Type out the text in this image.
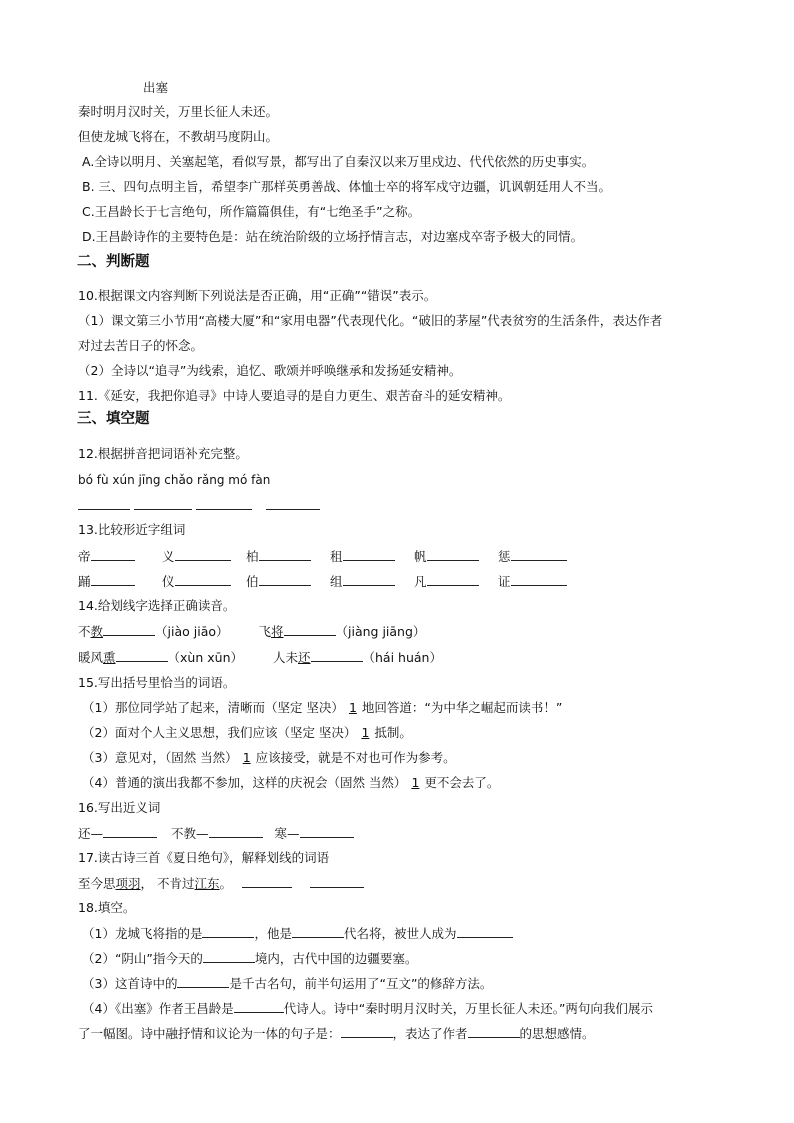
出塞
秦时明月汉时关，万里长征人未还。
但使龙城飞将在，不教胡马度阴山。
A.全诗以明月、关塞起笔，看似写景，都写出了自秦汉以来万里戍边、代代依然的历史事实。
B. 三、四句点明主旨，希望李广那样英勇善战、体恤士卒的将军戍守边疆，讥讽朝廷用人不当。
C.王昌龄长于七言绝句，所作篇篇俱佳，有“七绝圣手”之称。
D.王昌龄诗作的主要特色是：站在统治阶级的立场抒情言志，对边塞戍卒寄予极大的同情。
二、判断题
10.根据课文内容判断下列说法是否正确，用“正确”“错误”表示。
（1）课文第三小节用“高楼大厦”和“家用电器”代表现代化。“破旧的茅屋”代表贫穷的生活条件，表达作者
对过去苦日子的怀念。
（2）全诗以“追寻”为线索，追忆、歌颂并呼唤继承和发扬延安精神。
11.《延安，我把你追寻》中诗人要追寻的是自力更生、艰苦奋斗的延安精神。
三、填空题
12.根据拼音把词语补充完整。
bó fù xún jīng chǎo rǎng mó fàn

13.比较形近字组词
帝	义	柏	租	帆	惩
踊	仪	伯	组	凡	证
14.给划线字选择正确读音。
不教	（jiào jiāo） 飞将	（jiàng jiāng）
暖风熏	（xùn xūn） 人未还	（hái huán）
15.写出括号里恰当的词语。
（1）那位同学站了起来，清晰而（坚定 坚决） 1 地回答道：“为中华之崛起而读书！”
（2）面对个人主义思想，我们应该（坚定 坚决） 1 抵制。
（3）意见对，（固然 当然） 1 应该接受，就是不对也可作为参考。
（4）普通的演出我都不参加，这样的庆祝会（固然 当然） 1 更不会去了。
16.写出近义词
还—	不教—	寒—
17.读古诗三首《夏日绝句》，解释划线的词语
至今思项羽， 不肯过江东。
18.填空。
（1）龙城飞将指的是	，他是	代名将，被世人成为
（2）“阴山”指今天的	境内，古代中国的边疆要塞。
（3）这首诗中的	是千古名句，前半句运用了“互文”的修辞方法。
（4）《出塞》作者王昌龄是	代诗人。诗中“秦时明月汉时关，万里长征人未还。”两句向我们展示
了一幅图。诗中融抒情和议论为一体的句子是：	，表达了作者	的思想感情。
